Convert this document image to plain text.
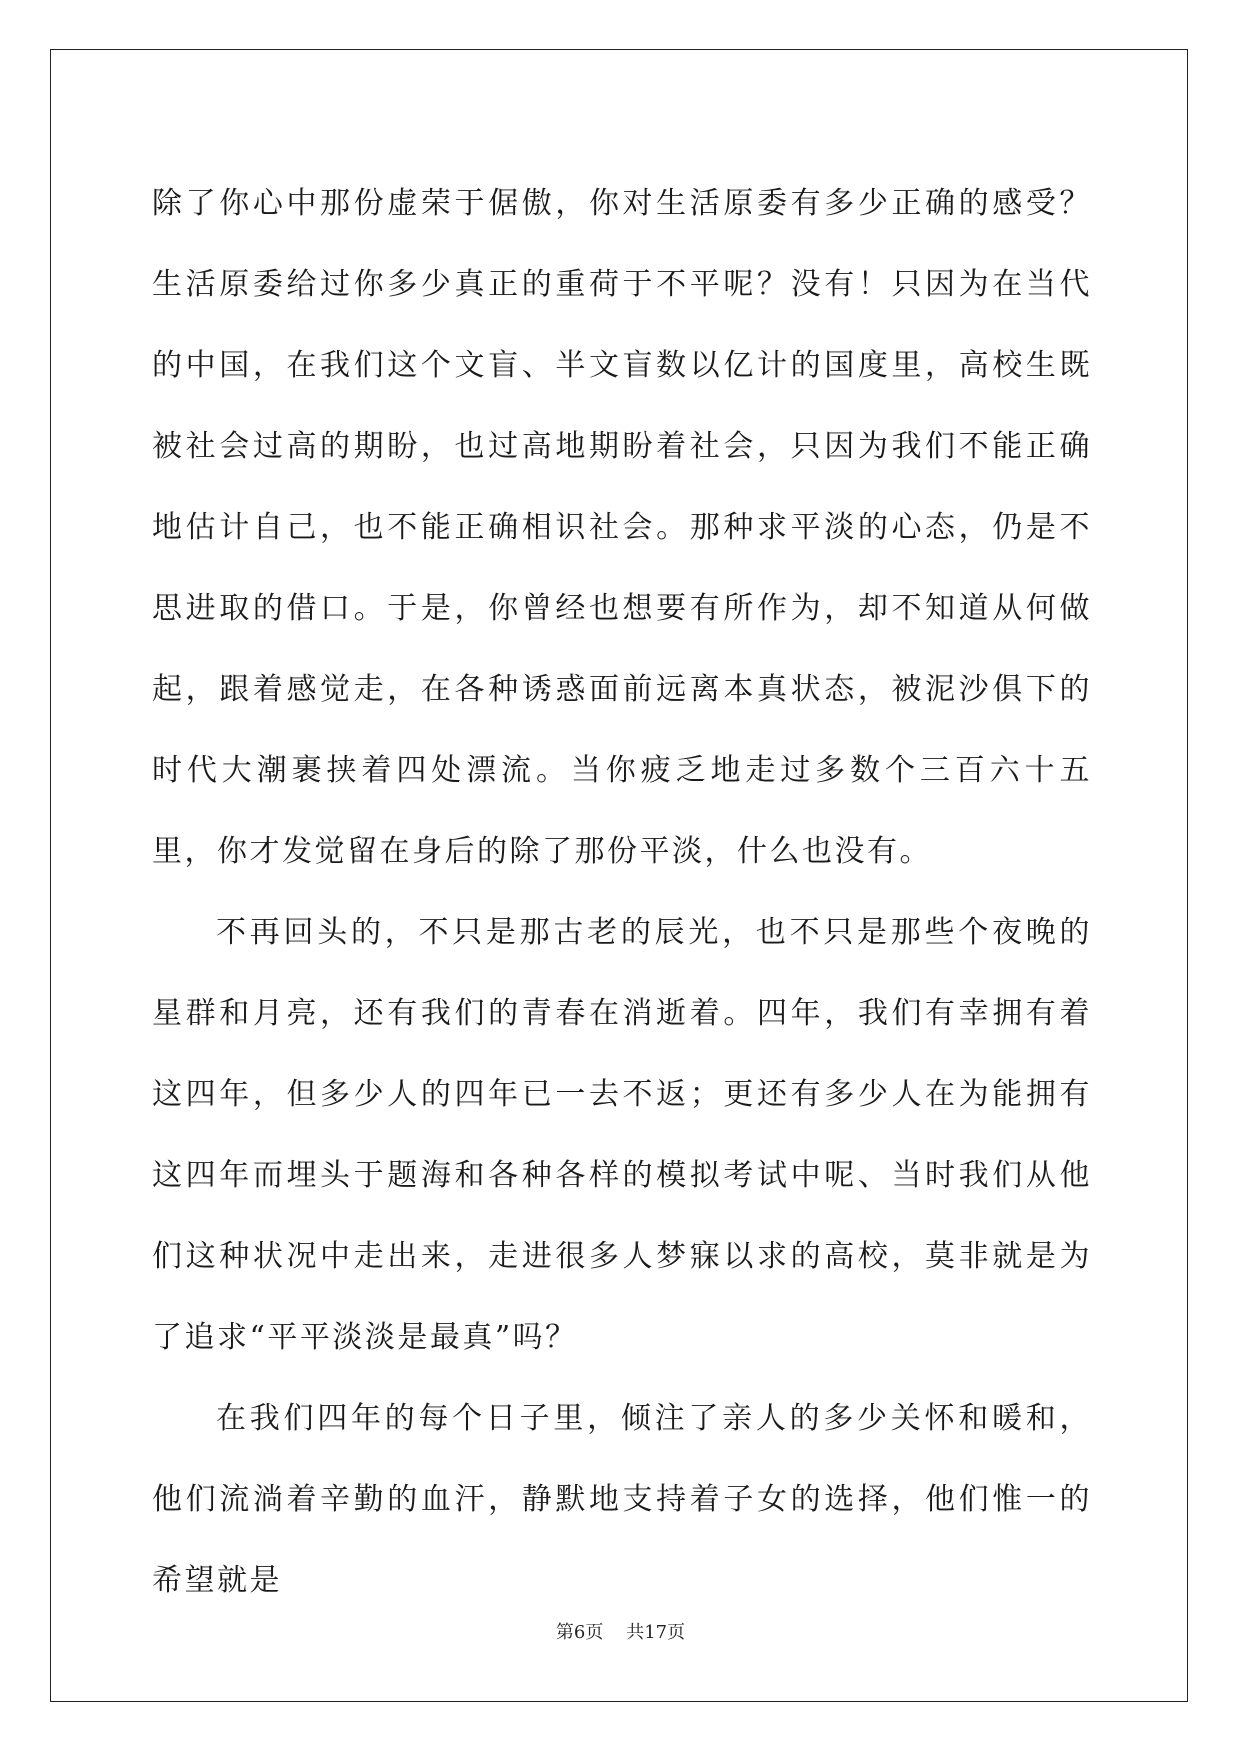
除了你心中那份虚荣于倨傲，你对生活原委有多少正确的感受？生活原委给过你多少真正的重荷于不平呢？没有！只因为在当代的中国，在我们这个文盲、半文盲数以亿计的国度里，高校生既被社会过高的期盼，也过高地期盼着社会，只因为我们不能正确地估计自己，也不能正确相识社会。那种求平淡的心态，仍是不思进取的借口。于是，你曾经也想要有所作为，却不知道从何做起，跟着感觉走，在各种诱惑面前远离本真状态，被泥沙俱下的时代大潮裹挟着四处漂流。当你疲乏地走过多数个三百六十五里，你才发觉留在身后的除了那份平淡，什么也没有。

不再回头的，不只是那古老的辰光，也不只是那些个夜晚的星群和月亮，还有我们的青春在消逝着。四年，我们有幸拥有着这四年，但多少人的四年已一去不返；更还有多少人在为能拥有这四年而埋头于题海和各种各样的模拟考试中呢、当时我们从他们这种状况中走出来，走进很多人梦寐以求的高校，莫非就是为了追求“平平淡淡是最真”吗？

在我们四年的每个日子里，倾注了亲人的多少关怀和暖和，他们流淌着辛勤的血汗，静默地支持着子女的选择，他们惟一的希望就是

第6页 共17页
